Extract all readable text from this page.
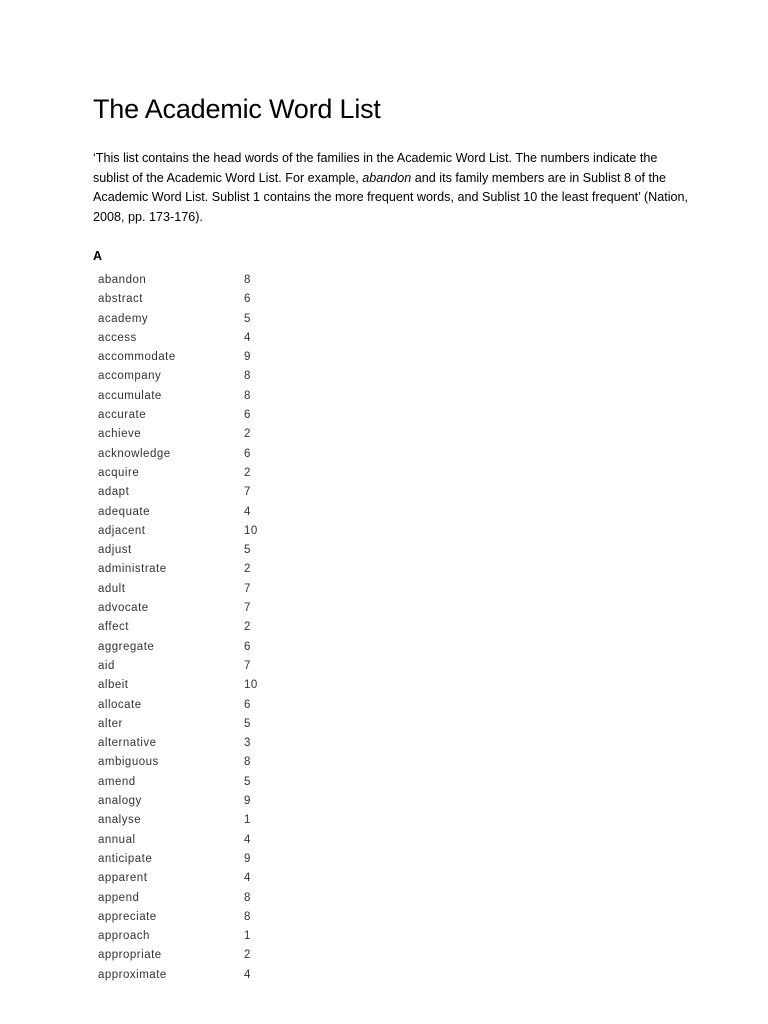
The Academic Word List

‘This list contains the head words of the families in the Academic Word List. The numbers indicate the sublist of the Academic Word List. For example, abandon and its family members are in Sublist 8 of the Academic Word List. Sublist 1 contains the more frequent words, and Sublist 10 the least frequent’ (Nation, 2008, pp. 173-176).

A
abandon	8
abstract	6
academy	5
access	4
accommodate	9
accompany	8
accumulate	8
accurate	6
achieve	2
acknowledge	6
acquire	2
adapt	7
adequate	4
adjacent	10
adjust	5
administrate	2
adult	7
advocate	7
affect	2
aggregate	6
aid	7
albeit	10
allocate	6
alter	5
alternative	3
ambiguous	8
amend	5
analogy	9
analyse	1
annual	4
anticipate	9
apparent	4
append	8
appreciate	8
approach	1
appropriate	2
approximate	4
